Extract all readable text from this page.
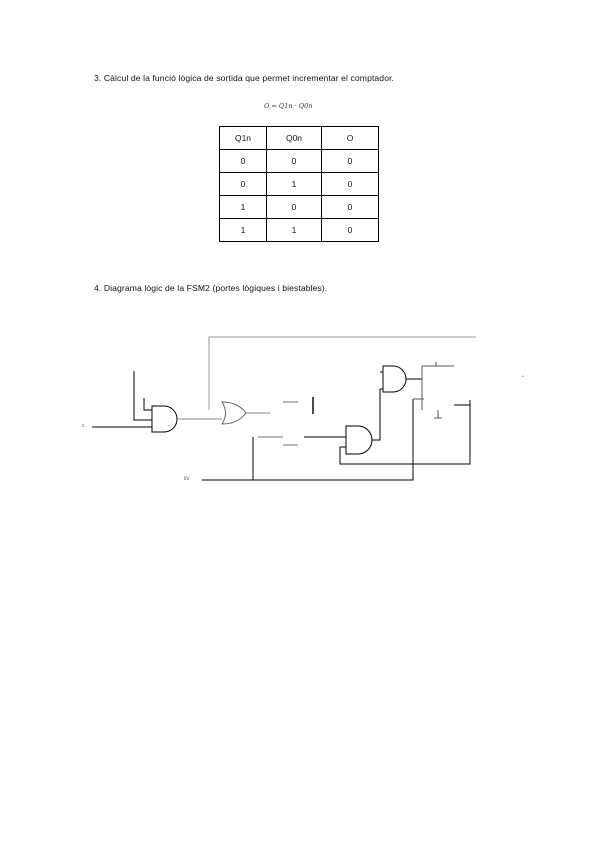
3. Càlcul de la funció lògica de sortida que permet incrementar el comptador.
O = Q1n · Q0n
Q1n	Q0n	O
0	0	0
0	1	0
1	0	0
1	1	0
4. Diagrama lògic de la FSM2 (portes lògiques i biestables).
c
l/s
•
